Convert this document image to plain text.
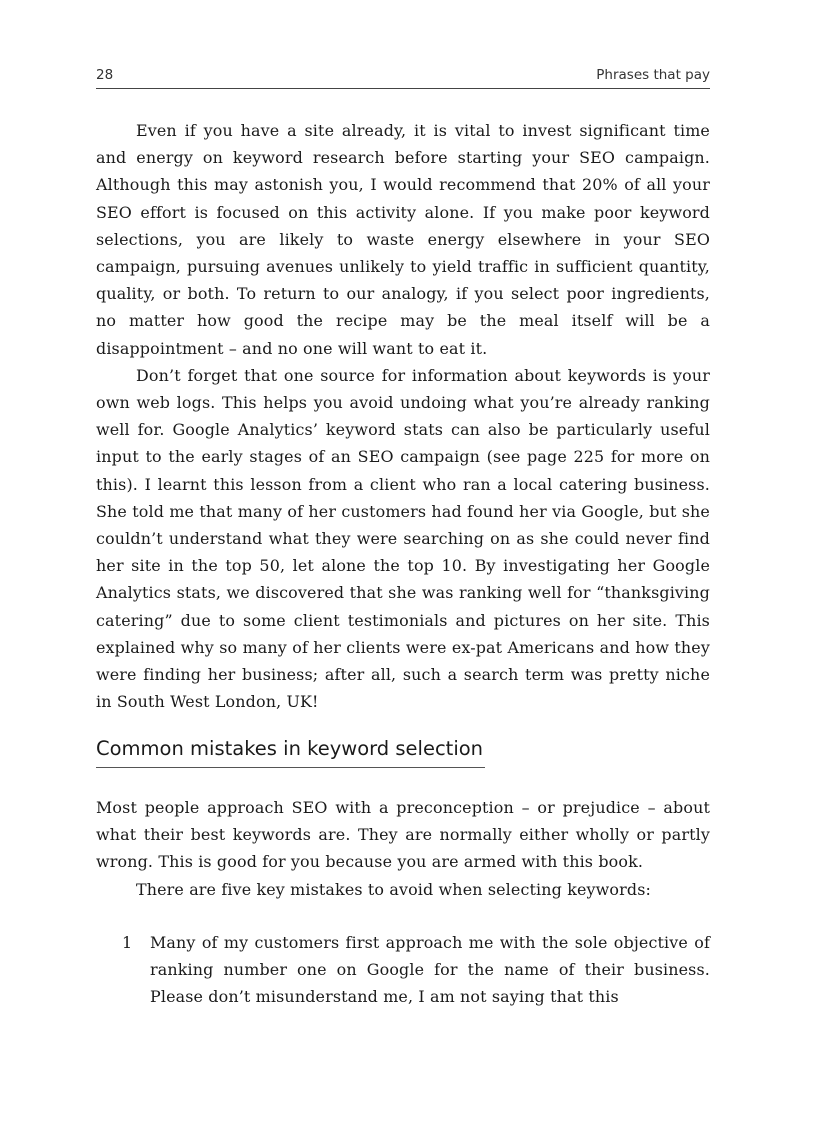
28	Phrases that pay

Even if you have a site already, it is vital to invest significant time and energy on keyword research before starting your SEO campaign. Although this may astonish you, I would recommend that 20% of all your SEO effort is focused on this activity alone. If you make poor keyword selections, you are likely to waste energy elsewhere in your SEO campaign, pursuing avenues unlikely to yield traffic in sufficient quantity, quality, or both. To return to our analogy, if you select poor ingredients, no matter how good the recipe may be the meal itself will be a disappointment – and no one will want to eat it.

Don’t forget that one source for information about keywords is your own web logs. This helps you avoid undoing what you’re already ranking well for. Google Analytics’ keyword stats can also be particularly useful input to the early stages of an SEO campaign (see page 225 for more on this). I learnt this lesson from a client who ran a local catering business. She told me that many of her customers had found her via Google, but she couldn’t understand what they were searching on as she could never find her site in the top 50, let alone the top 10. By investigating her Google Analytics stats, we discovered that she was ranking well for “thanksgiving catering” due to some client testimonials and pictures on her site. This explained why so many of her clients were ex-pat Americans and how they were finding her business; after all, such a search term was pretty niche in South West London, UK!

Common mistakes in keyword selection

Most people approach SEO with a preconception – or prejudice – about what their best keywords are. They are normally either wholly or partly wrong. This is good for you because you are armed with this book.

There are five key mistakes to avoid when selecting keywords:

1 Many of my customers first approach me with the sole objective of ranking number one on Google for the name of their business. Please don’t misunderstand me, I am not saying that this
